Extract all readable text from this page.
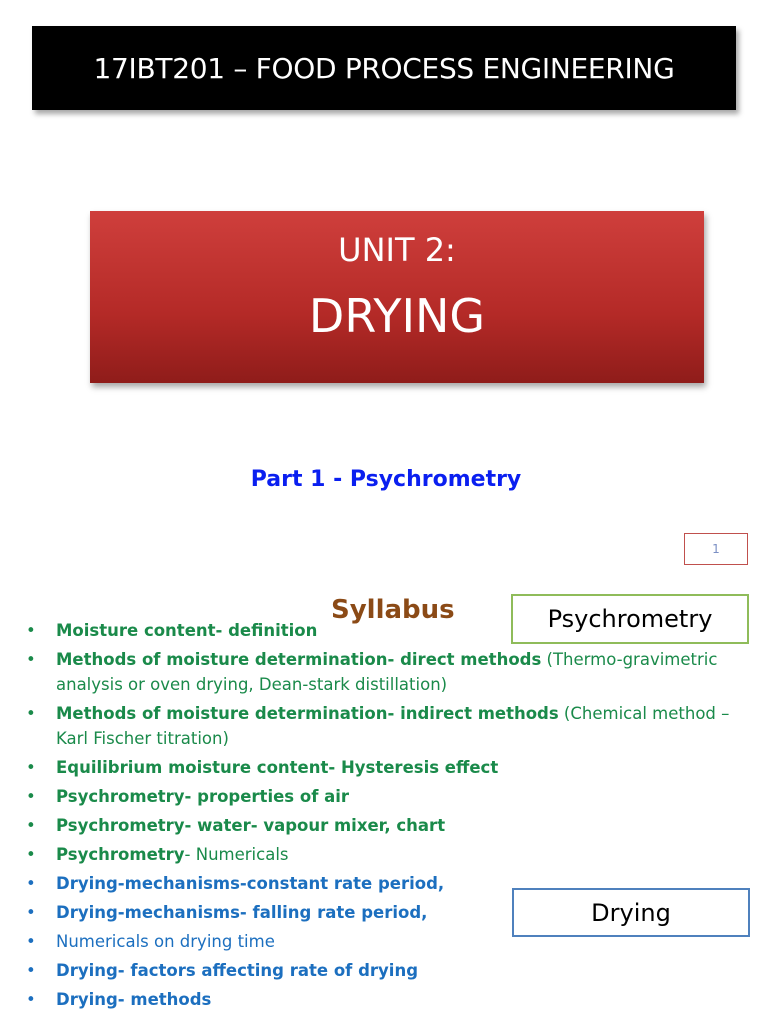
17IBT201 – FOOD PROCESS ENGINEERING
UNIT 2:
DRYING
Part 1 - Psychrometry
1
Psychrometry
• Moisture content- definition
• Methods of moisture determination- direct methods (Thermo-gravimetric analysis or oven drying, Dean-stark distillation)
• Methods of moisture determination- indirect methods (Chemical method – Karl Fischer titration)
• Equilibrium moisture content- Hysteresis effect
• Psychrometry- properties of air
• Psychrometry- water- vapour mixer, chart
• Psychrometry- Numericals
• Drying-mechanisms-constant rate period,
• Drying-mechanisms- falling rate period,
• Numericals on drying time
• Drying- factors affecting rate of drying
• Drying- methods
Syllabus
Drying
